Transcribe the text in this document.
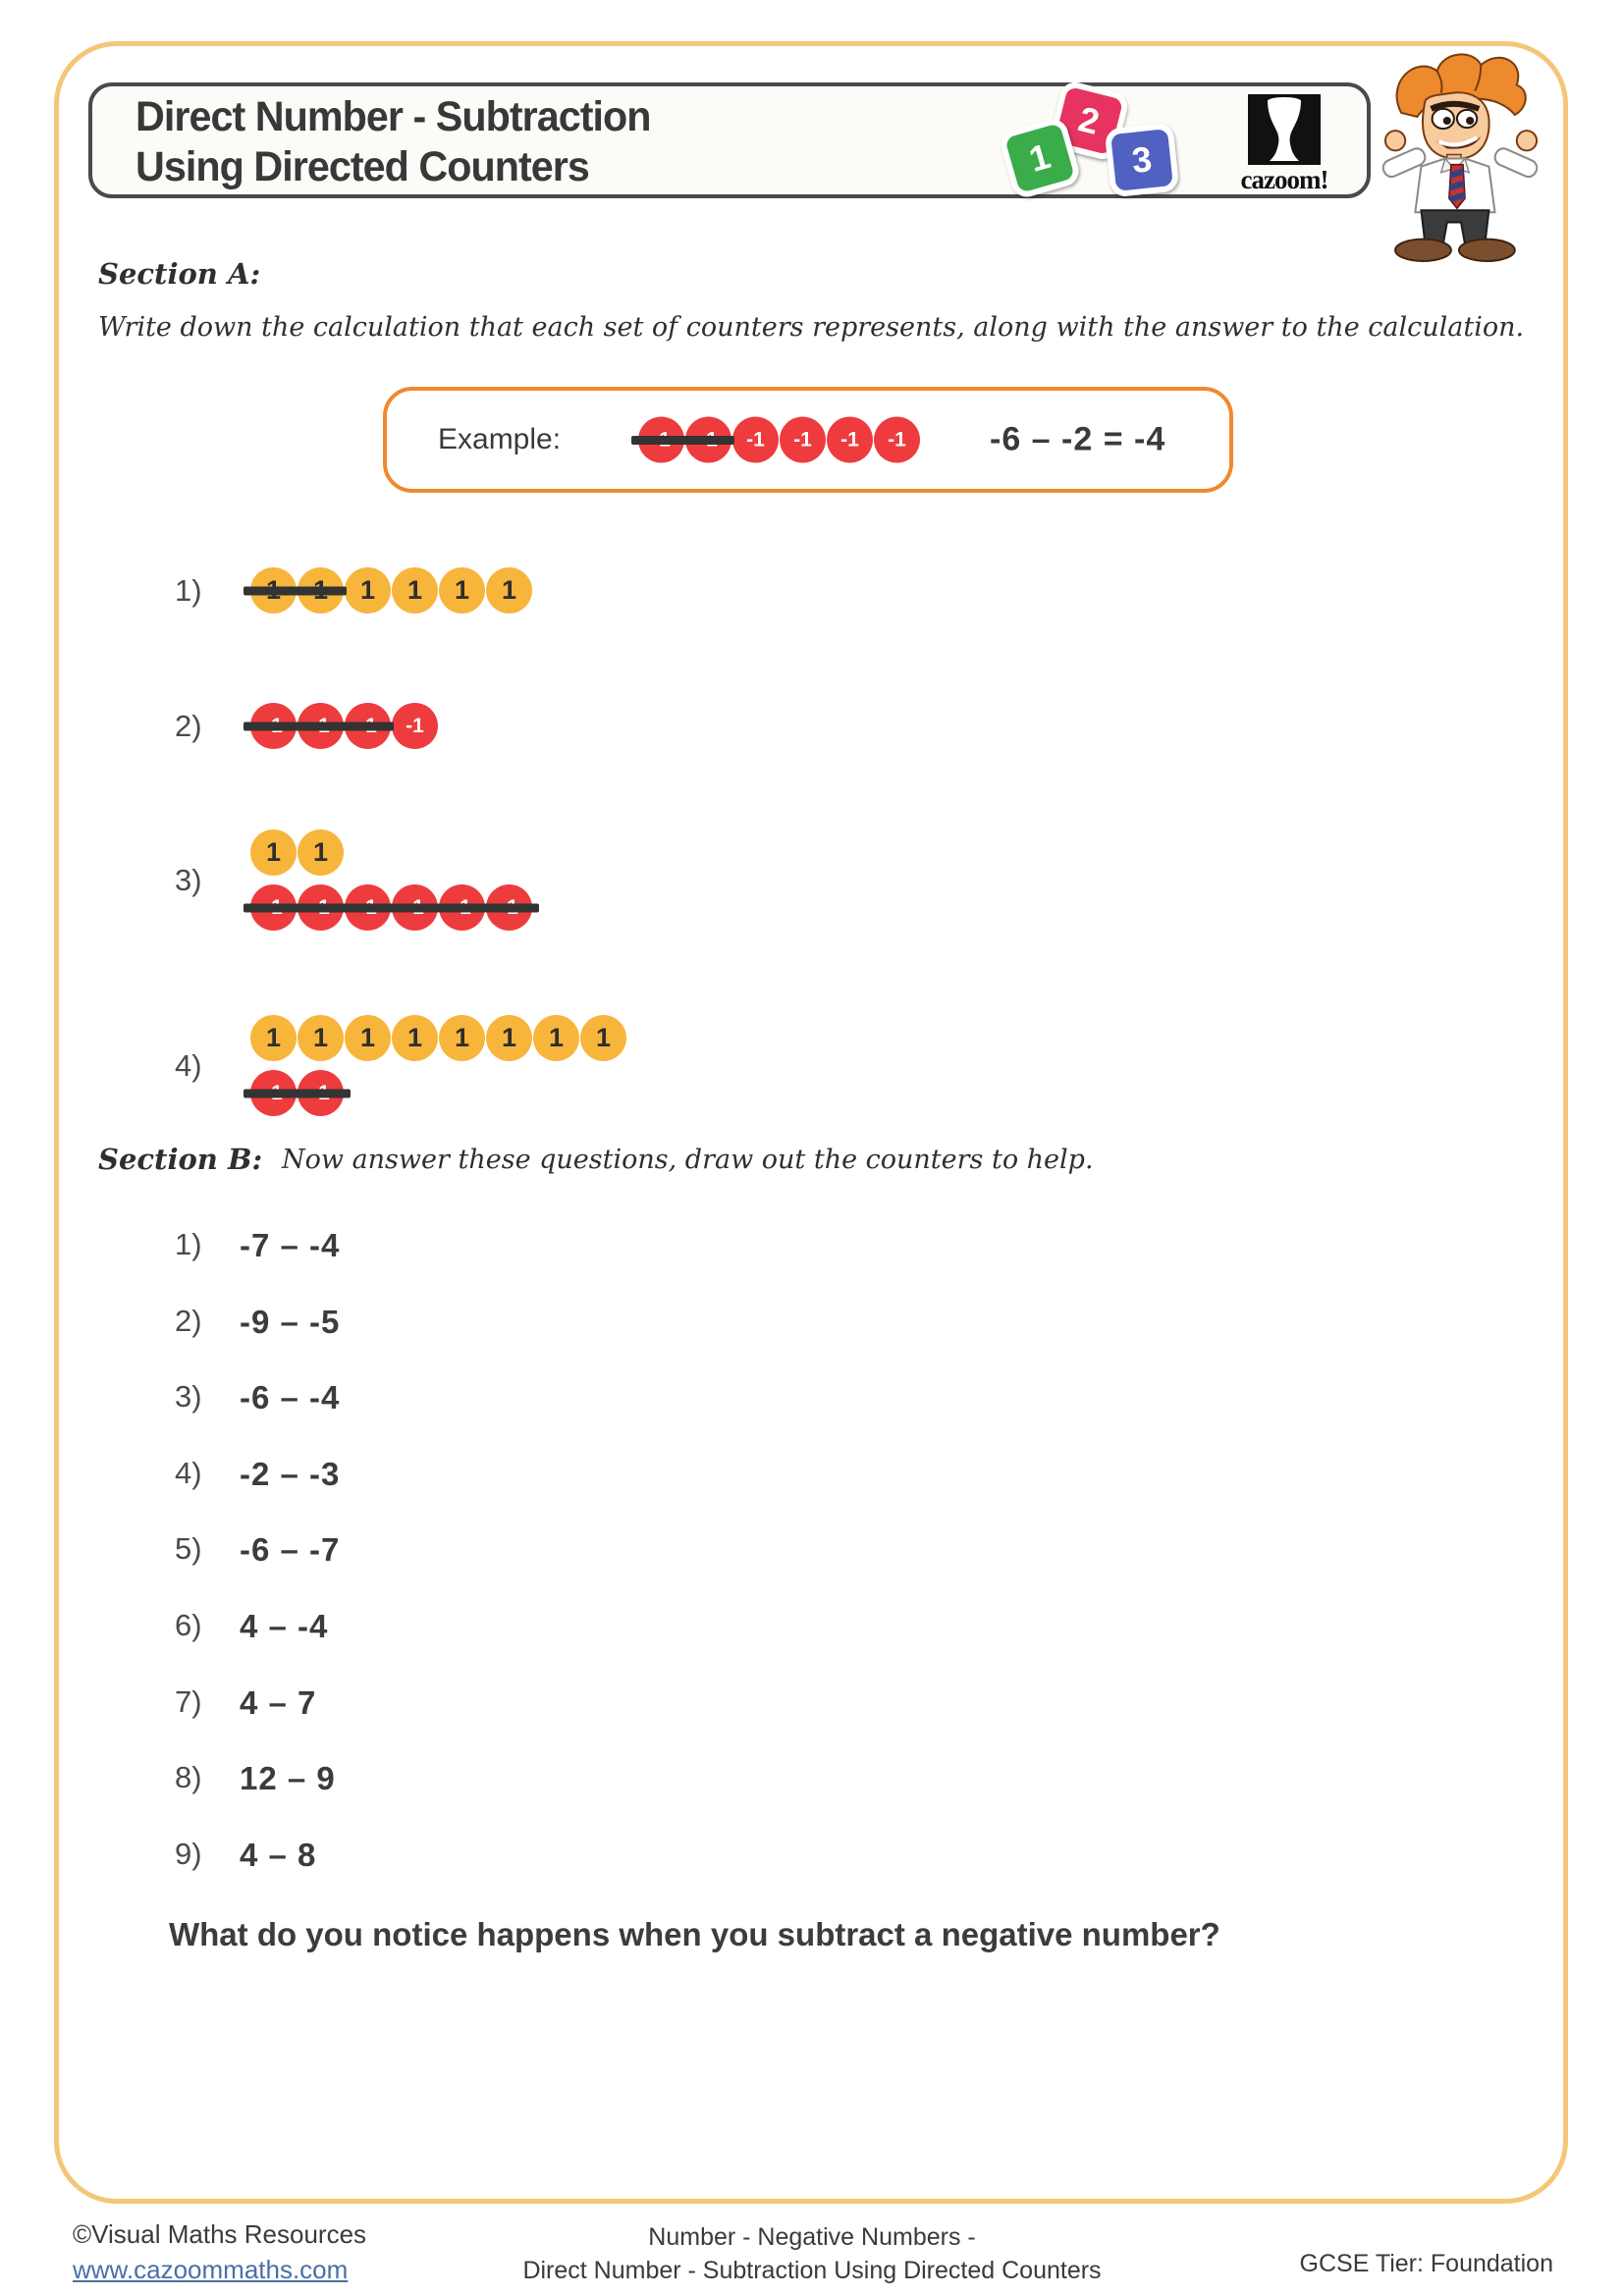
Direct Number - Subtraction
Using Directed Counters
2
1	3	cazoom!
Section A:
Write down the calculation that each set of counters represents, along with the answer to the calculation.
Example:	-1	-1	-1	-1	-6 – -2 = -4
1)	1	1	1	1
2)	-1
3)
1	1
4)
1	1	1	1	1	1	1	1
Section B: Now answer these questions, draw out the counters to help.
1)	-7 – -4
2)	-9 – -5
3)	-6 – -4
4)	-2 – -3
5)	-6 – -7
6)	4 – -4
7)	4 – 7
8)	12 – 9
9)	4 – 8
What do you notice happens when you subtract a negative number?
©Visual Maths Resources
www.cazoommaths.com
Number - Negative Numbers -
Direct Number - Subtraction Using Directed Counters	GCSE Tier: Foundation
